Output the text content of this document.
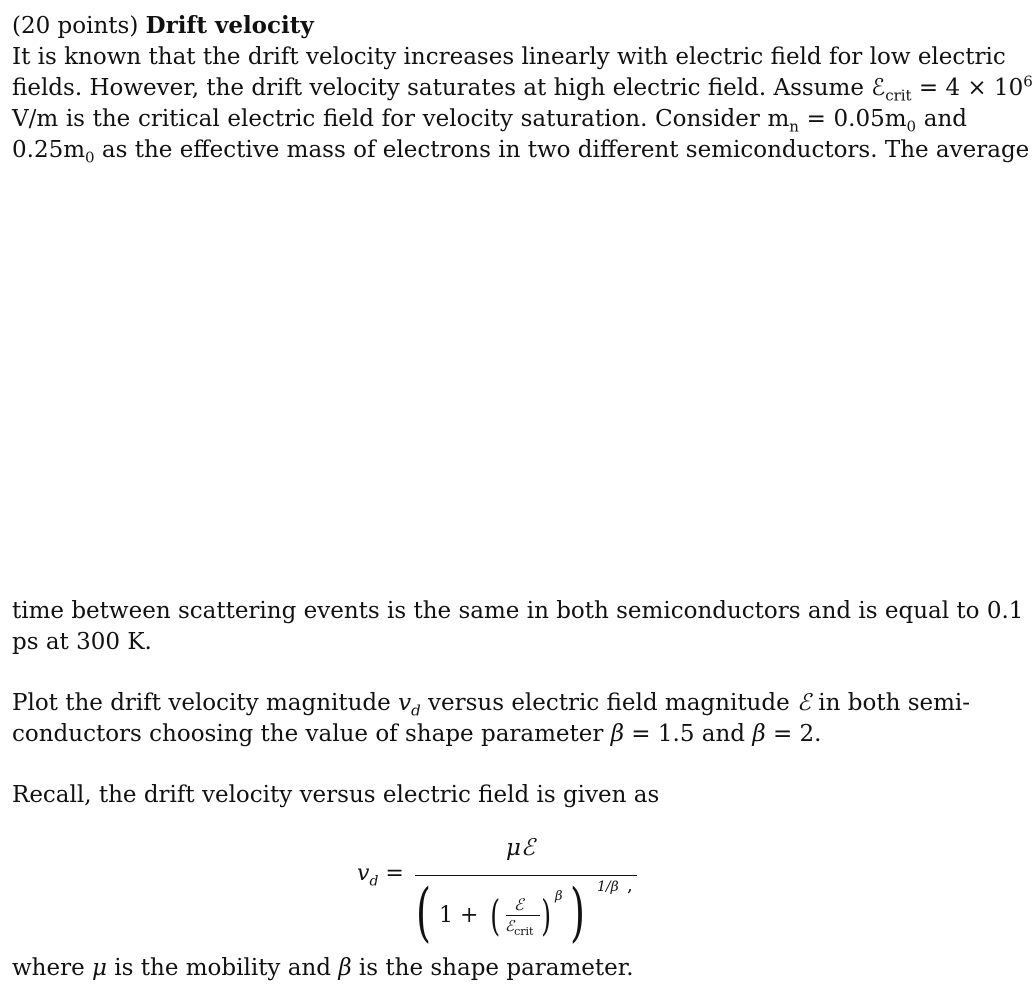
(20 points) Drift velocity
It is known that the drift velocity increases linearly with electric field for low electric
fields. However, the drift velocity saturates at high electric field. Assume ℰ$_{crit}$ = $4 \times 10^6$
V/m is the critical electric field for velocity saturation. Consider $m_n = 0.05m_0$ and
$0.25m_0$ as the effective mass of electrons in two different semiconductors. The average
time between scattering events is the same in both semiconductors and is equal to 0.1
ps at 300 K.
Plot the drift velocity magnitude $v_d$ versus electric field magnitude ℰ in both semi-
conductors choosing the value of shape parameter β = 1.5 and β = 2.
Recall, the drift velocity versus electric field is given as
$v_d$ =
μℰ
( 1 + ( ℰ
ℰ$_{crit}$ ) β ) 1/β ,
where μ is the mobility and β is the shape parameter.
